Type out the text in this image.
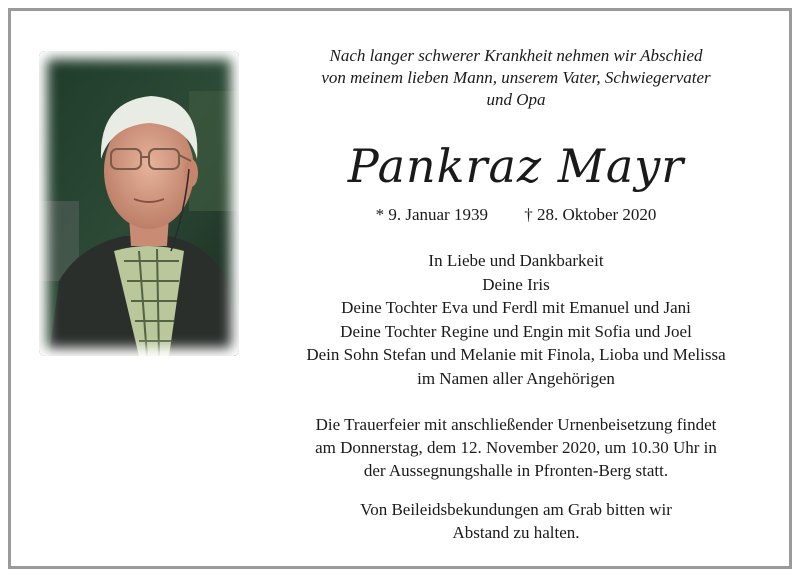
Nach langer schwerer Krankheit nehmen wir Abschied
von meinem lieben Mann, unserem Vater, Schwiegervater
und Opa
Pankraz Mayr
* 9. Januar 1939 † 28. Oktober 2020
In Liebe und Dankbarkeit
Deine Iris
Deine Tochter Eva und Ferdl mit Emanuel und Jani
Deine Tochter Regine und Engin mit Sofia und Joel
Dein Sohn Stefan und Melanie mit Finola, Lioba und Melissa
im Namen aller Angehörigen
Die Trauerfeier mit anschließender Urnenbeisetzung findet
am Donnerstag, dem 12. November 2020, um 10.30 Uhr in
der Aussegnungshalle in Pfronten-Berg statt.
Von Beileidsbekundungen am Grab bitten wir
Abstand zu halten.
